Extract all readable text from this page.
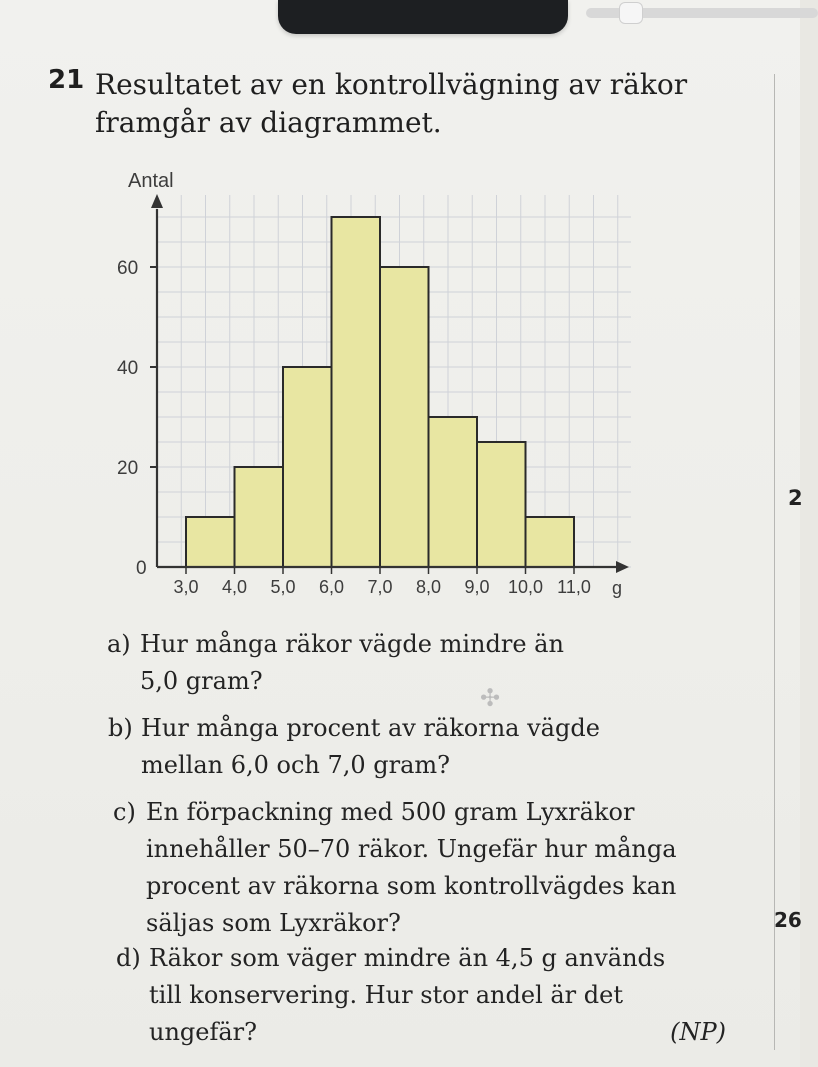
2
26
21 Resultatet av en kontrollvägning av räkor
framgår av diagrammet.
0
20
40
60
3,0 4,0 5,0 6,0 7,0 8,0 9,0 10,0 11,0
Antal
g

a) Hur många räkor vägde mindre än
5,0 gram?

b) Hur många procent av räkorna vägde
mellan 6,0 och 7,0 gram?

c) En förpackning med 500 gram Lyxräkor
innehåller 50–70 räkor. Ungefär hur många
procent av räkorna som kontrollvägdes kan
säljas som Lyxräkor?

d) Räkor som väger mindre än 4,5 g används
till konservering. Hur stor andel är det
ungefär?	(NP)

✣
